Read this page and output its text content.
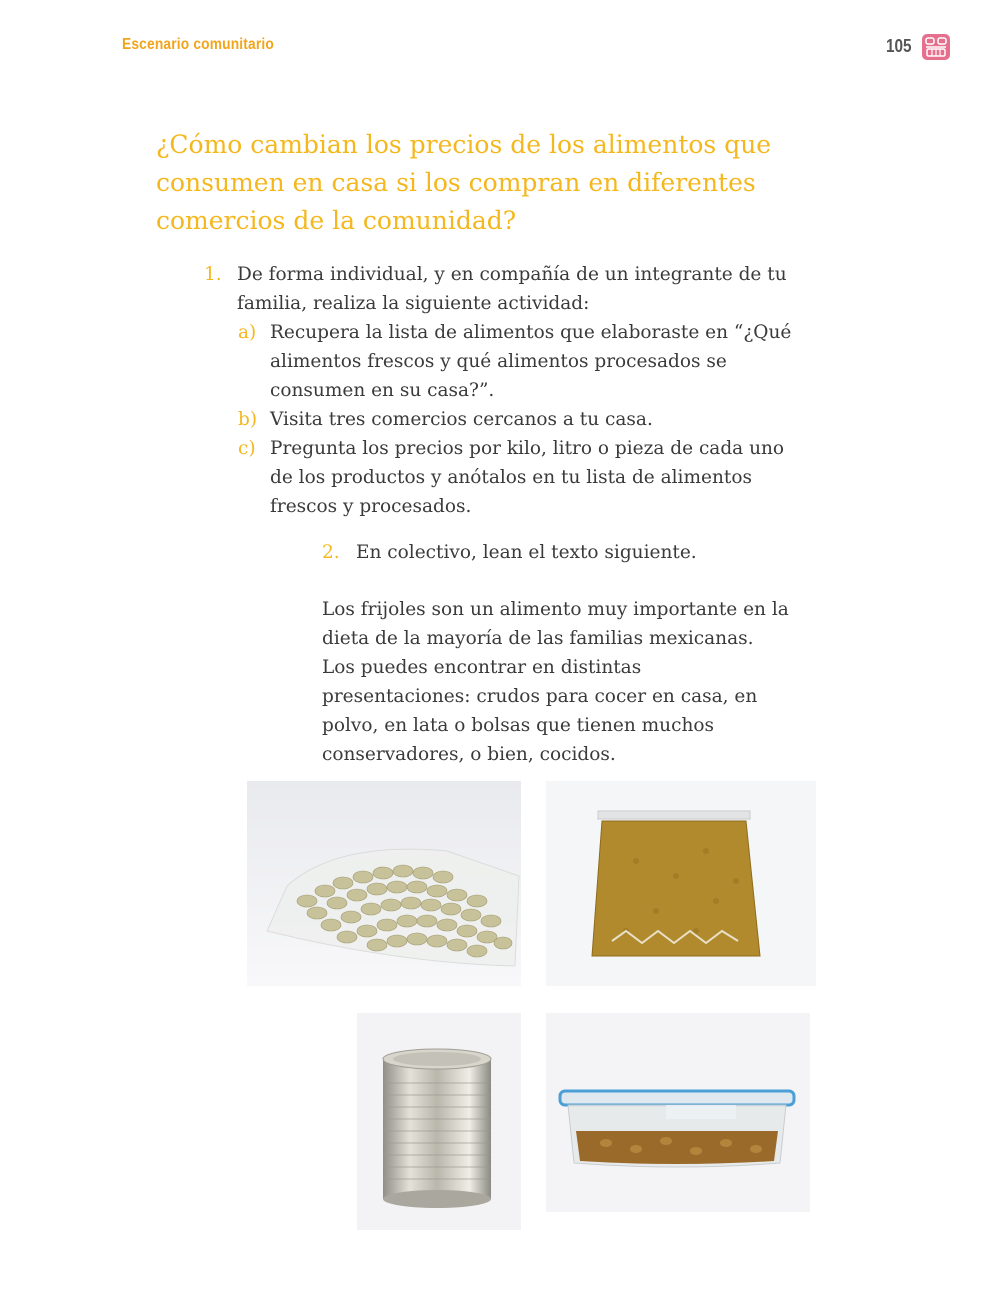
Escenario comunitario	105
¿Cómo cambian los precios de los alimentos que consumen en casa si los compran en diferentes comercios de la comunidad?
1. De forma individual, y en compañía de un integrante de tu familia, realiza la siguiente actividad:
a) Recupera la lista de alimentos que elaboraste en “¿Qué alimentos frescos y qué alimentos procesados se consumen en su casa?”.
b) Visita tres comercios cercanos a tu casa.
c) Pregunta los precios por kilo, litro o pieza de cada uno de los productos y anótalos en tu lista de alimentos frescos y procesados.
2. En colectivo, lean el texto siguiente.
Los frijoles son un alimento muy importante en la dieta de la mayoría de las familias mexicanas. Los puedes encontrar en distintas presentaciones: crudos para cocer en casa, en polvo, en lata o bolsas que tienen muchos conservadores, o bien, cocidos.
